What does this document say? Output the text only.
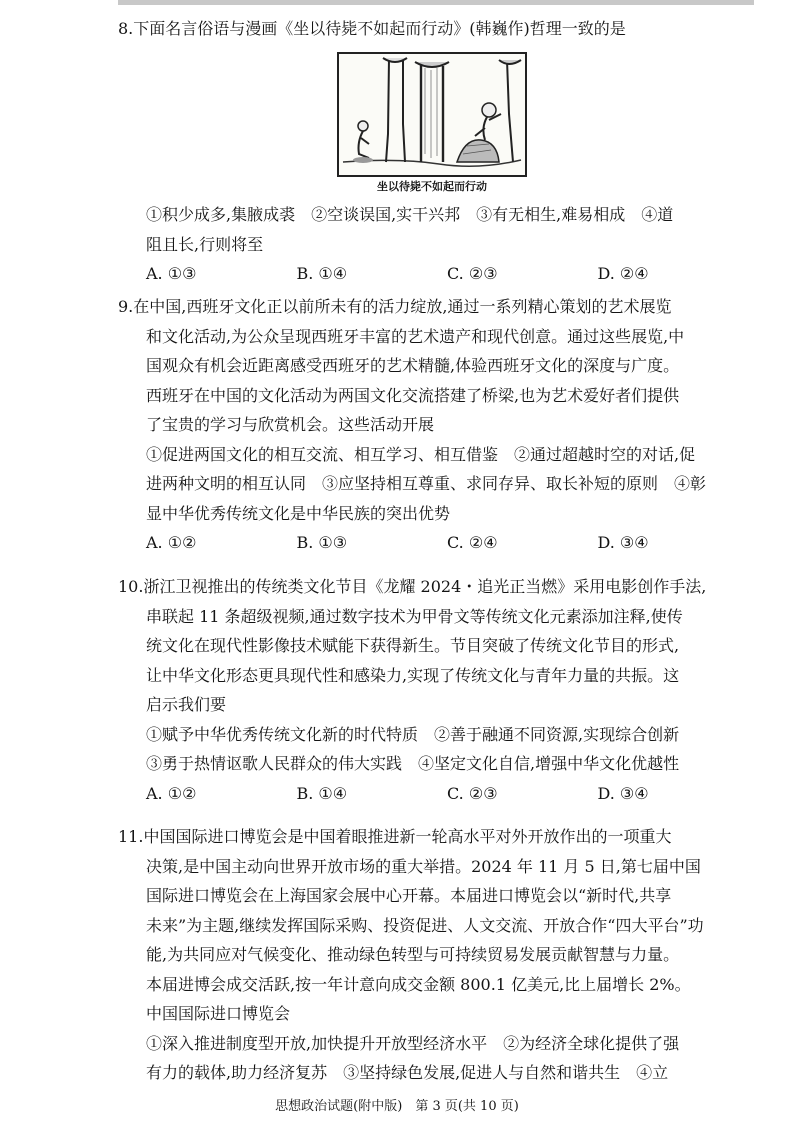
8.下面名言俗语与漫画《坐以待毙不如起而行动》(韩巍作)哲理一致的是
坐以待毙不如起而行动
①积少成多,集腋成裘　②空谈误国,实干兴邦　③有无相生,难易相成　④道
阻且长,行则将至
A. ①③	B. ①④	C. ②③	D. ②④
9.在中国,西班牙文化正以前所未有的活力绽放,通过一系列精心策划的艺术展览
和文化活动,为公众呈现西班牙丰富的艺术遗产和现代创意。通过这些展览,中
国观众有机会近距离感受西班牙的艺术精髓,体验西班牙文化的深度与广度。
西班牙在中国的文化活动为两国文化交流搭建了桥梁,也为艺术爱好者们提供
了宝贵的学习与欣赏机会。这些活动开展
①促进两国文化的相互交流、相互学习、相互借鉴　②通过超越时空的对话,促
进两种文明的相互认同　③应坚持相互尊重、求同存异、取长补短的原则　④彰
显中华优秀传统文化是中华民族的突出优势
A. ①②	B. ①③	C. ②④	D. ③④
10.浙江卫视推出的传统类文化节目《龙耀 2024・追光正当燃》采用电影创作手法,
串联起 11 条超级视频,通过数字技术为甲骨文等传统文化元素添加注释,使传
统文化在现代性影像技术赋能下获得新生。节目突破了传统文化节目的形式,
让中华文化形态更具现代性和感染力,实现了传统文化与青年力量的共振。这
启示我们要
①赋予中华优秀传统文化新的时代特质　②善于融通不同资源,实现综合创新
③勇于热情讴歌人民群众的伟大实践　④坚定文化自信,增强中华文化优越性
A. ①②	B. ①④	C. ②③	D. ③④
11.中国国际进口博览会是中国着眼推进新一轮高水平对外开放作出的一项重大
决策,是中国主动向世界开放市场的重大举措。2024 年 11 月 5 日,第七届中国
国际进口博览会在上海国家会展中心开幕。本届进口博览会以“新时代,共享
未来”为主题,继续发挥国际采购、投资促进、人文交流、开放合作“四大平台”功
能,为共同应对气候变化、推动绿色转型与可持续贸易发展贡献智慧与力量。
本届进博会成交活跃,按一年计意向成交金额 800.1 亿美元,比上届增长 2%。
中国国际进口博览会
①深入推进制度型开放,加快提升开放型经济水平　②为经济全球化提供了强
有力的载体,助力经济复苏　③坚持绿色发展,促进人与自然和谐共生　④立
思想政治试题(附中版)　第 3 页(共 10 页)
